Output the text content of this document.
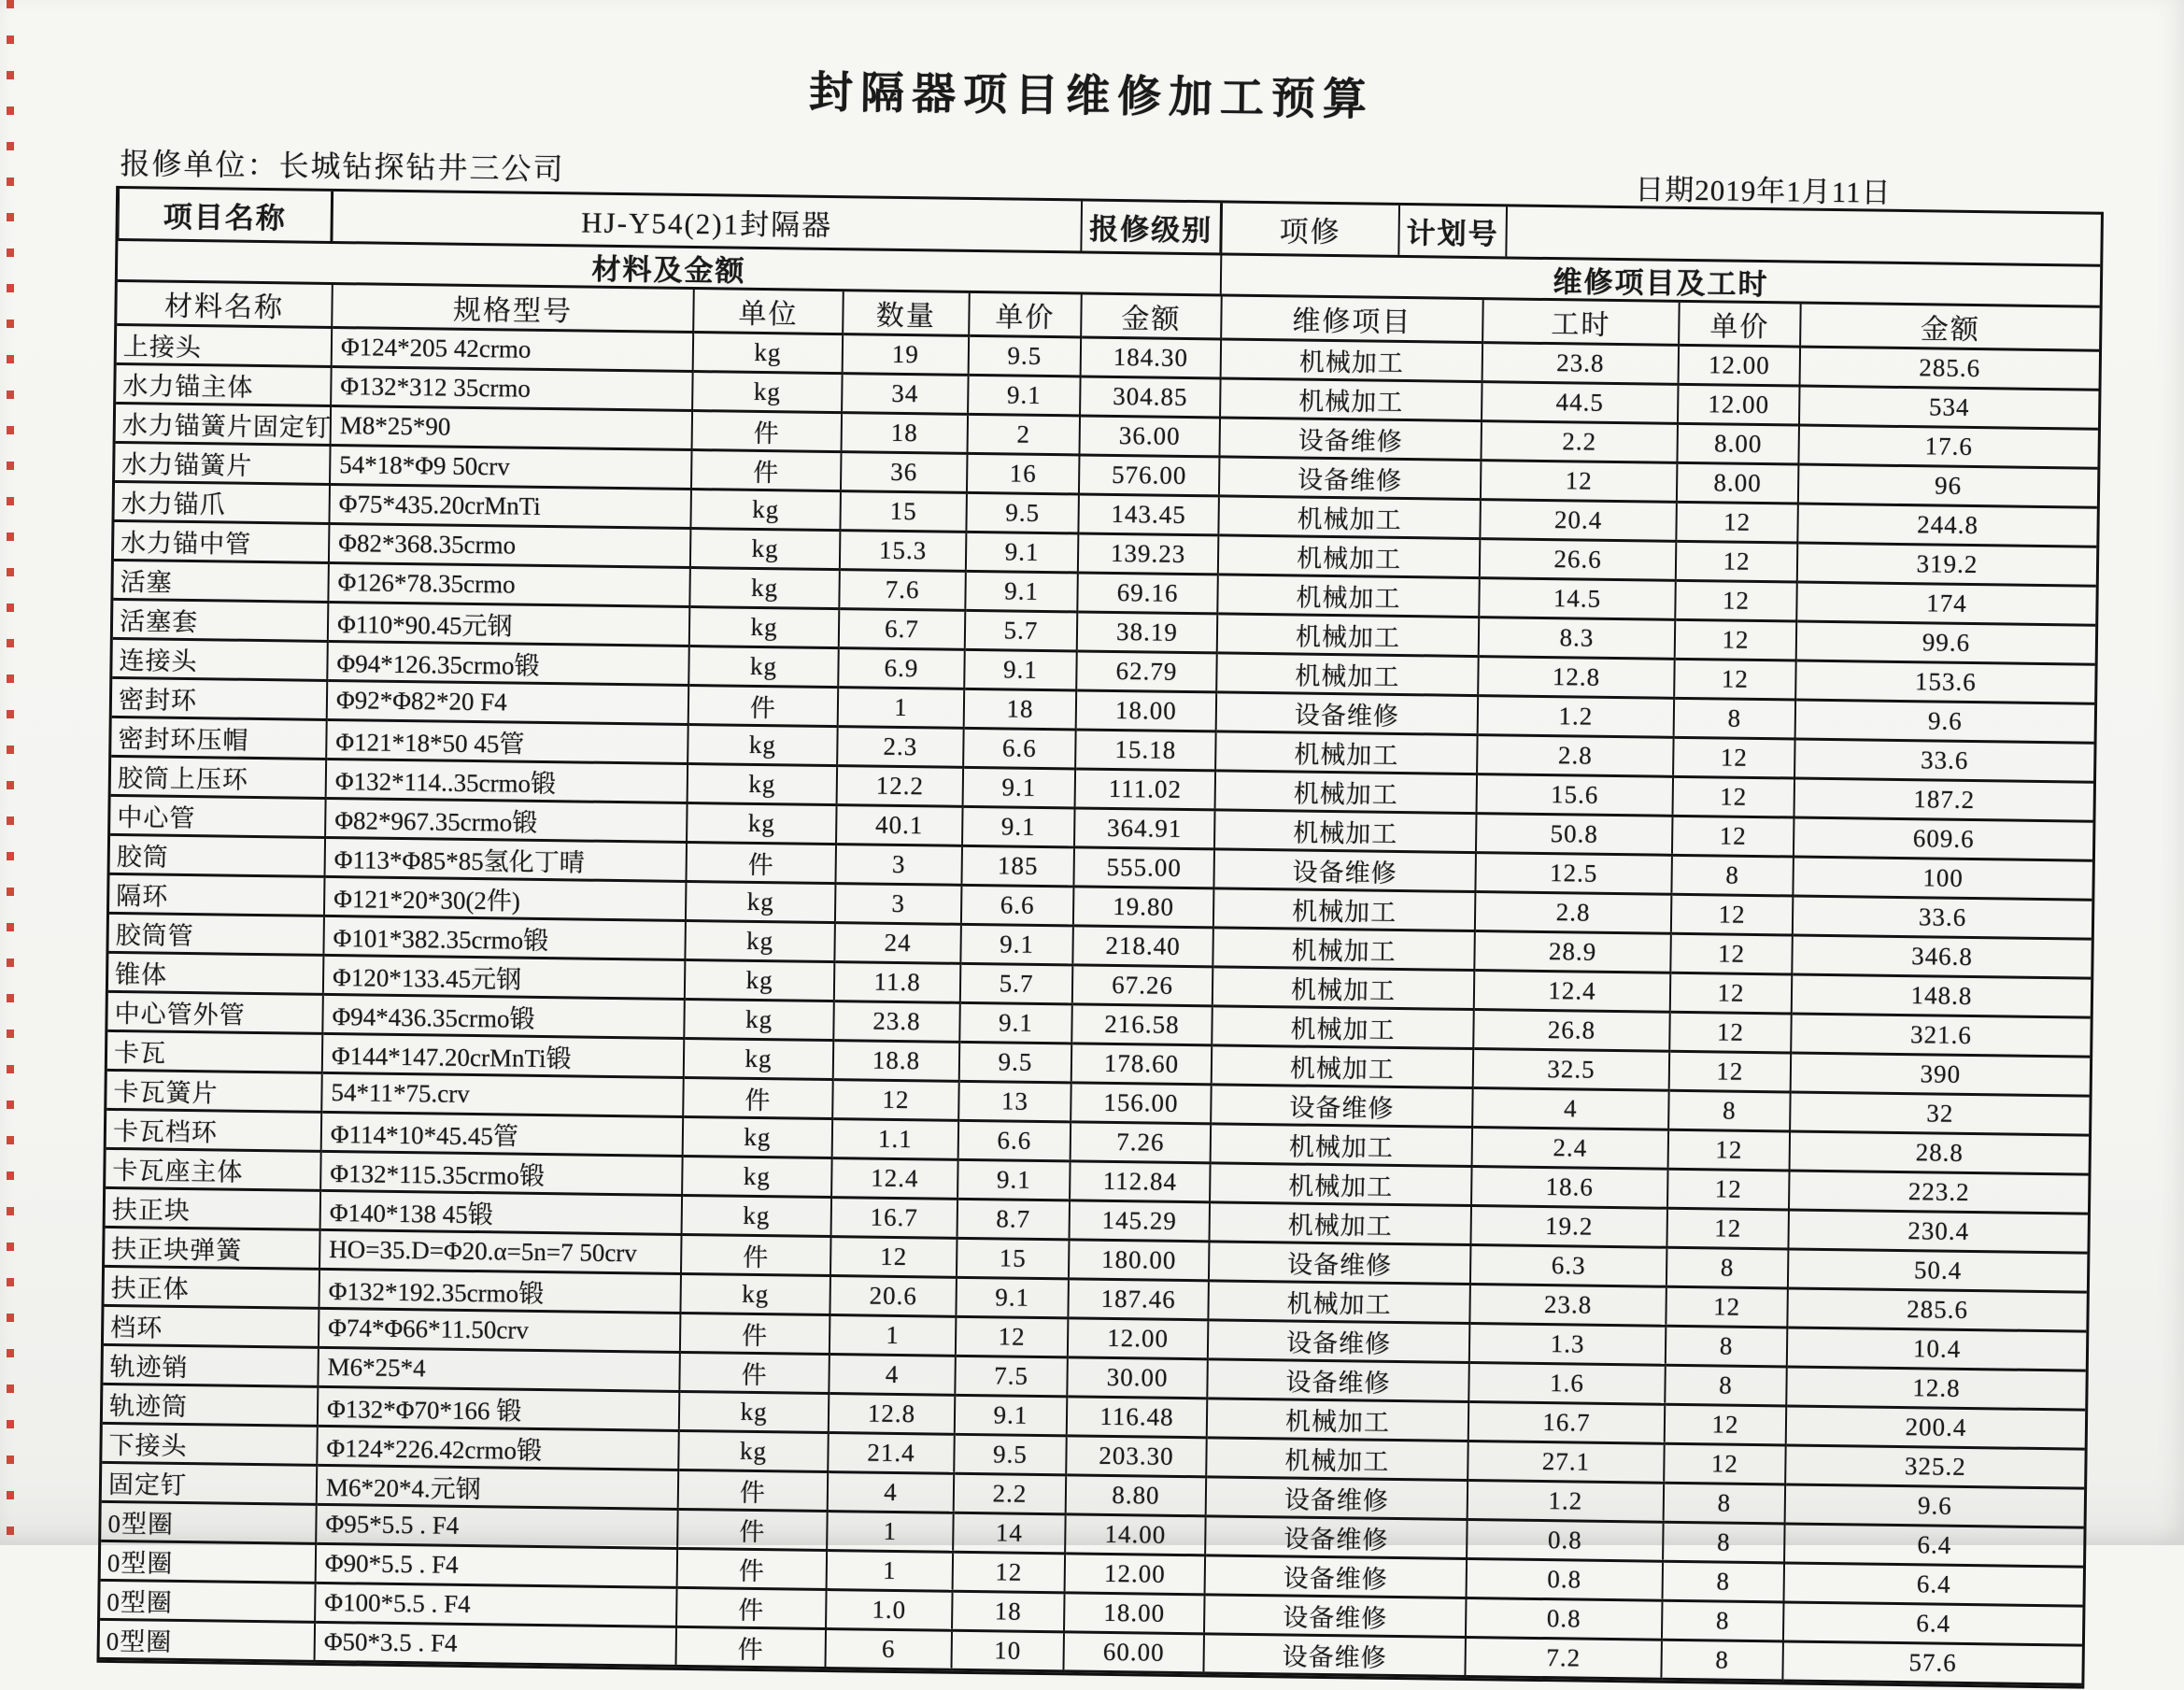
封隔器项目维修加工预算
报修单位：长城钻探钻井三公司
日期2019年1月11日
项目名称	HJ-Y54(2)1封隔器	报修级别	项修	计划号
材料及金额	维修项目及工时
材料名称	规格型号	单位	数量	单价	金额	维修项目	工时	单价	金额
上接头	Φ124*205 42crmo	kg	19	9.5	184.30	机械加工	23.8	12.00	285.6
水力锚主体	Φ132*312 35crmo	kg	34	9.1	304.85	机械加工	44.5	12.00	534
水力锚簧片固定钉	M8*25*90	件	18	2	36.00	设备维修	2.2	8.00	17.6
水力锚簧片	54*18*Φ9 50crv	件	36	16	576.00	设备维修	12	8.00	96
水力锚爪	Φ75*435.20crMnTi	kg	15	9.5	143.45	机械加工	20.4	12	244.8
水力锚中管	Φ82*368.35crmo	kg	15.3	9.1	139.23	机械加工	26.6	12	319.2
活塞	Φ126*78.35crmo	kg	7.6	9.1	69.16	机械加工	14.5	12	174
活塞套	Φ110*90.45元钢	kg	6.7	5.7	38.19	机械加工	8.3	12	99.6
连接头	Φ94*126.35crmo锻	kg	6.9	9.1	62.79	机械加工	12.8	12	153.6
密封环	Φ92*Φ82*20 F4	件	1	18	18.00	设备维修	1.2	8	9.6
密封环压帽	Φ121*18*50 45管	kg	2.3	6.6	15.18	机械加工	2.8	12	33.6
胶筒上压环	Φ132*114..35crmo锻	kg	12.2	9.1	111.02	机械加工	15.6	12	187.2
中心管	Φ82*967.35crmo锻	kg	40.1	9.1	364.91	机械加工	50.8	12	609.6
胶筒	Φ113*Φ85*85氢化丁晴	件	3	185	555.00	设备维修	12.5	8	100
隔环	Φ121*20*30(2件)	kg	3	6.6	19.80	机械加工	2.8	12	33.6
胶筒管	Φ101*382.35crmo锻	kg	24	9.1	218.40	机械加工	28.9	12	346.8
锥体	Φ120*133.45元钢	kg	11.8	5.7	67.26	机械加工	12.4	12	148.8
中心管外管	Φ94*436.35crmo锻	kg	23.8	9.1	216.58	机械加工	26.8	12	321.6
卡瓦	Φ144*147.20crMnTi锻	kg	18.8	9.5	178.60	机械加工	32.5	12	390
卡瓦簧片	54*11*75.crv	件	12	13	156.00	设备维修	4	8	32
卡瓦档环	Φ114*10*45.45管	kg	1.1	6.6	7.26	机械加工	2.4	12	28.8
卡瓦座主体	Φ132*115.35crmo锻	kg	12.4	9.1	112.84	机械加工	18.6	12	223.2
扶正块	Φ140*138 45锻	kg	16.7	8.7	145.29	机械加工	19.2	12	230.4
扶正块弹簧	HO=35.D=Φ20.α=5n=7 50crv	件	12	15	180.00	设备维修	6.3	8	50.4
扶正体	Φ132*192.35crmo锻	kg	20.6	9.1	187.46	机械加工	23.8	12	285.6
档环	Φ74*Φ66*11.50crv	件	1	12	12.00	设备维修	1.3	8	10.4
轨迹销	M6*25*4	件	4	7.5	30.00	设备维修	1.6	8	12.8
轨迹筒	Φ132*Φ70*166 锻	kg	12.8	9.1	116.48	机械加工	16.7	12	200.4
下接头	Φ124*226.42crmo锻	kg	21.4	9.5	203.30	机械加工	27.1	12	325.2
固定钉	M6*20*4.元钢	件	4	2.2	8.80	设备维修	1.2	8	9.6
0型圈	Φ95*5.5 . F4	件	1	14	14.00	设备维修	0.8	8	6.4
0型圈	Φ90*5.5 . F4	件	1	12	12.00	设备维修	0.8	8	6.4
0型圈	Φ100*5.5 . F4	件	1.0	18	18.00	设备维修	0.8	8	6.4
0型圈	Φ50*3.5 . F4	件	6	10	60.00	设备维修	7.2	8	57.6
